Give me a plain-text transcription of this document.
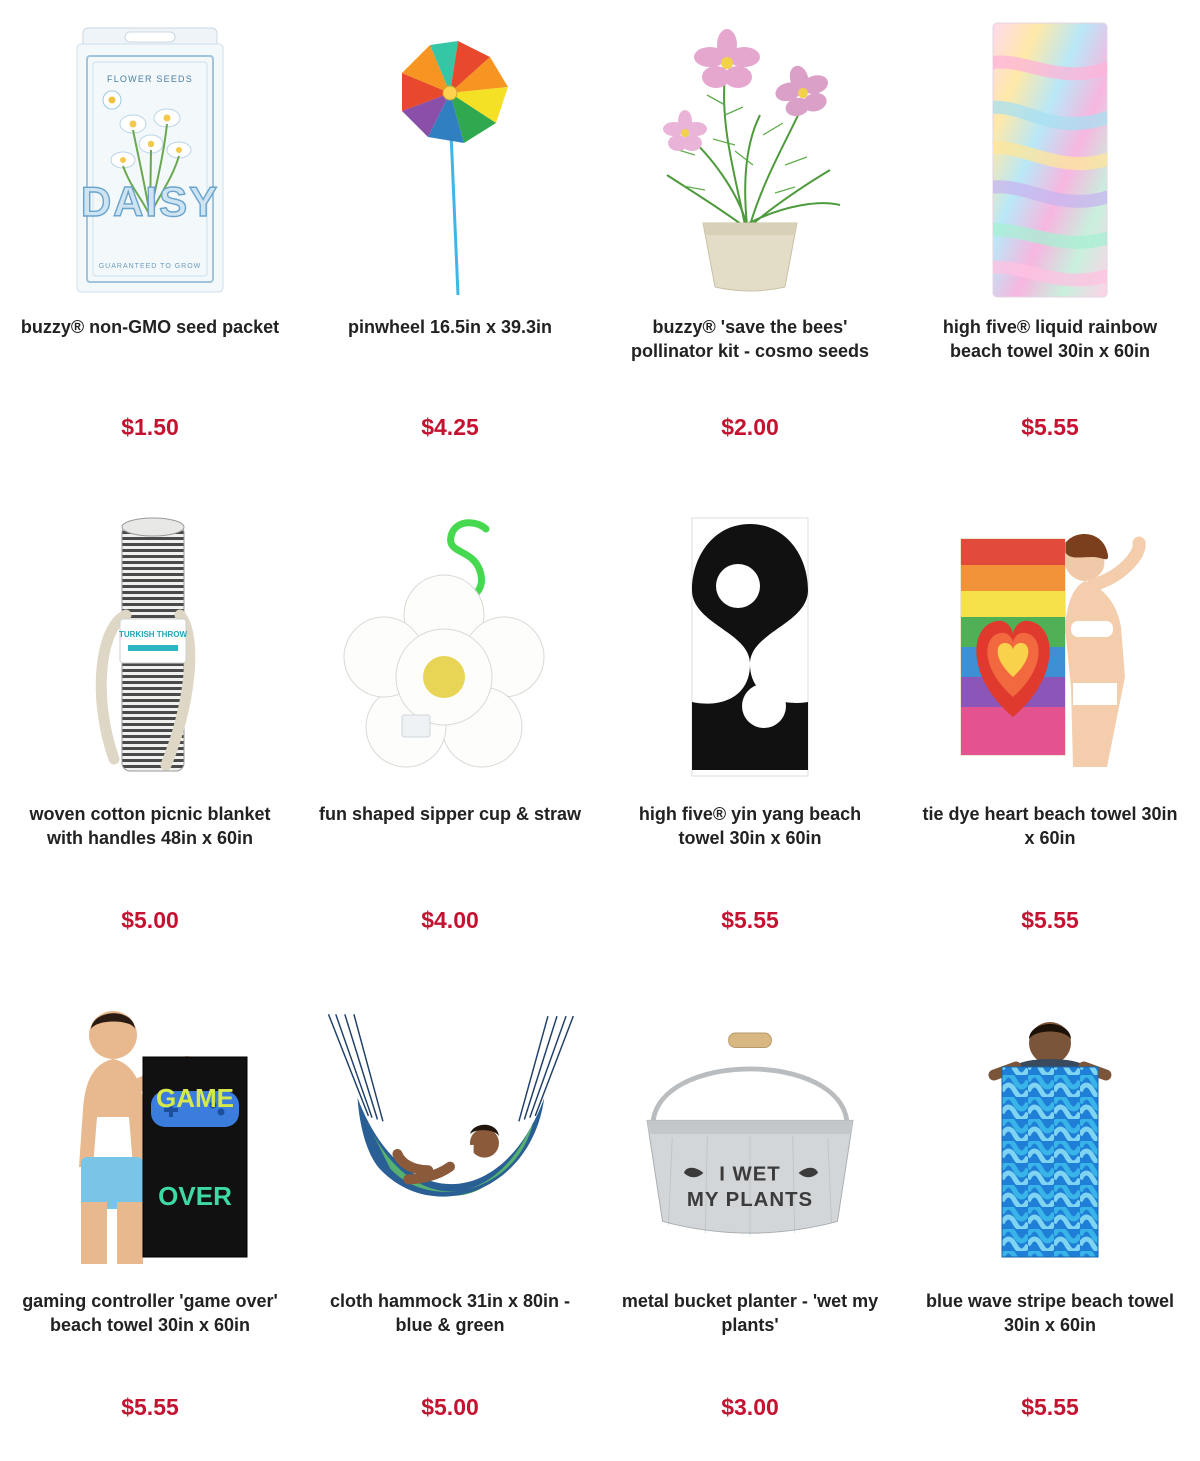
FLOWER SEEDS
DAISY
GUARANTEED TO GROW
buzzy® non-GMO seed packet
$1.50
pinwheel 16.5in x 39.3in
$4.25
buzzy® 'save the bees' pollinator kit - cosmo seeds
$2.00
high five® liquid rainbow beach towel 30in x 60in
$5.55
TURKISH THROW
woven cotton picnic blanket with handles 48in x 60in
$5.00
fun shaped sipper cup & straw
$4.00
high five® yin yang beach towel 30in x 60in
$5.55
tie dye heart beach towel 30in x 60in
$5.55
GAME
OVER
gaming controller 'game over' beach towel 30in x 60in
$5.55
cloth hammock 31in x 80in - blue & green
$5.00
I WET
MY PLANTS
metal bucket planter - 'wet my plants'
$3.00
blue wave stripe beach towel 30in x 60in
$5.55
